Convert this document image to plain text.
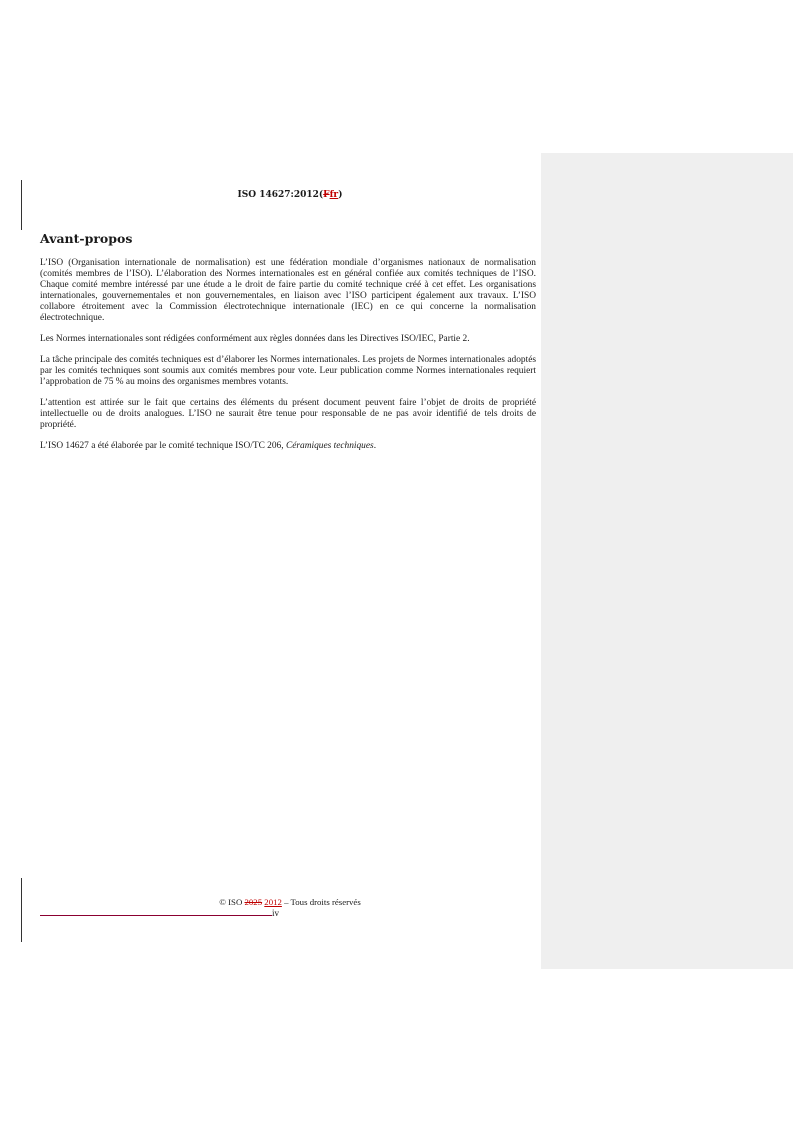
ISO 14627:2012(Ffr)
Avant-propos

L’ISO (Organisation internationale de normalisation) est une fédération mondiale d’organismes nationaux de normalisation (comités membres de l’ISO). L’élaboration des Normes internationales est en général confiée aux comités techniques de l’ISO. Chaque comité membre intéressé par une étude a le droit de faire partie du comité technique créé à cet effet. Les organisations internationales, gouvernementales et non gouvernementales, en liaison avec l’ISO participent également aux travaux. L’ISO collabore étroitement avec la Commission électrotechnique internationale (IEC) en ce qui concerne la normalisation électrotechnique.

Les Normes internationales sont rédigées conformément aux règles données dans les Directives ISO/IEC, Partie 2.

La tâche principale des comités techniques est d’élaborer les Normes internationales. Les projets de Normes internationales adoptés par les comités techniques sont soumis aux comités membres pour vote. Leur publication comme Normes internationales requiert l’approbation de 75 % au moins des organismes membres votants.

L’attention est attirée sur le fait que certains des éléments du présent document peuvent faire l’objet de droits de propriété intellectuelle ou de droits analogues. L’ISO ne saurait être tenue pour responsable de ne pas avoir identifié de tels droits de propriété.

L’ISO 14627 a été élaborée par le comité technique ISO/TC 206, Céramiques techniques.

© ISO 2025 2012 – Tous droits réservés
iv
